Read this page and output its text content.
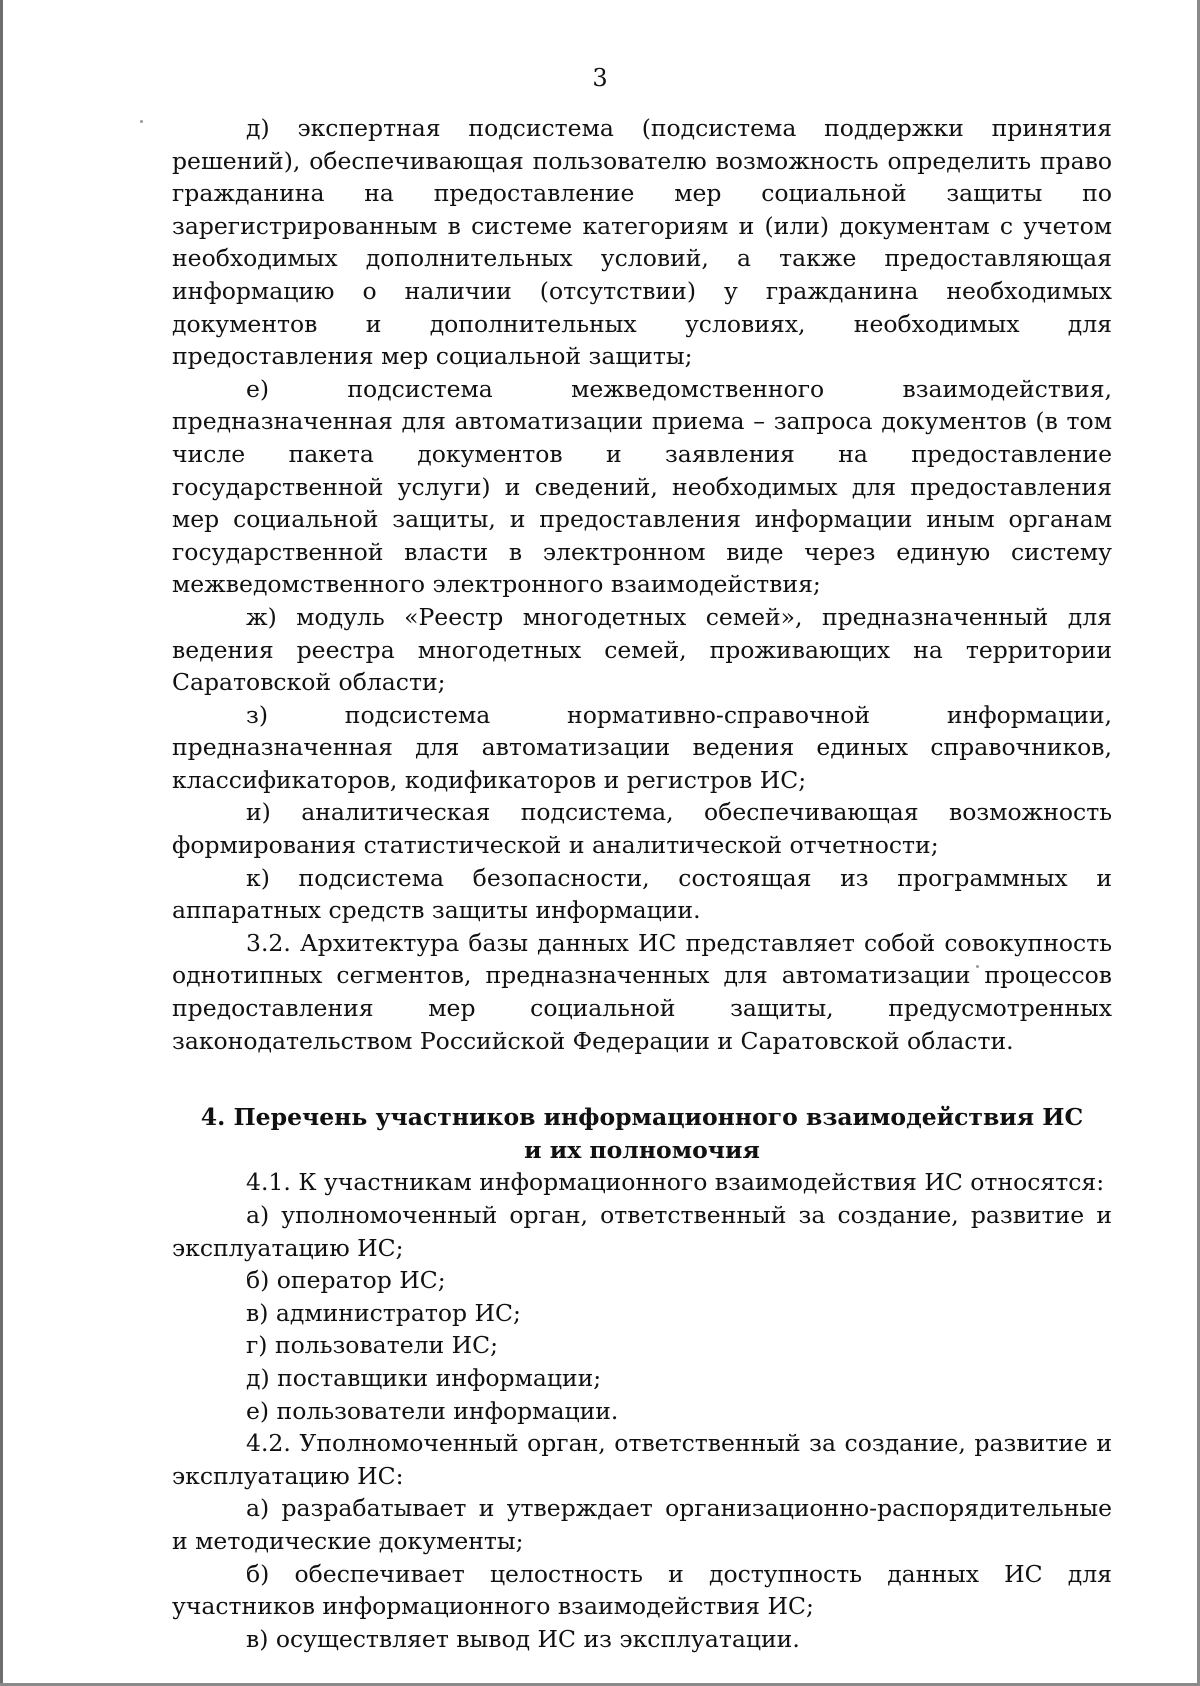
3

д) экспертная подсистема (подсистема поддержки принятия решений), обеспечивающая пользователю возможность определить право гражданина на предоставление мер социальной защиты по зарегистрированным в системе категориям и (или) документам с учетом необходимых дополнительных условий, а также предоставляющая информацию о наличии (отсутствии) у гражданина необходимых документов и дополнительных условиях, необходимых для предоставления мер социальной защиты;

е) подсистема межведомственного взаимодействия, предназначенная для автоматизации приема – запроса документов (в том числе пакета документов и заявления на предоставление государственной услуги) и сведений, необходимых для предоставления мер социальной защиты, и предоставления информации иным органам государственной власти в электронном виде через единую систему межведомственного электронного взаимодействия;

ж) модуль «Реестр многодетных семей», предназначенный для ведения реестра многодетных семей, проживающих на территории Саратовской области;

з) подсистема нормативно-справочной информации, предназначенная для автоматизации ведения единых справочников, классификаторов, кодификаторов и регистров ИС;

и) аналитическая подсистема, обеспечивающая возможность формирования статистической и аналитической отчетности;

к) подсистема безопасности, состоящая из программных и аппаратных средств защиты информации.

3.2. Архитектура базы данных ИС представляет собой совокупность однотипных сегментов, предназначенных для автоматизации процессов предоставления мер социальной защиты, предусмотренных законодательством Российской Федерации и Саратовской области.

4. Перечень участников информационного взаимодействия ИС
и их полномочия

4.1. К участникам информационного взаимодействия ИС относятся:

а) уполномоченный орган, ответственный за создание, развитие и эксплуатацию ИС;

б) оператор ИС;

в) администратор ИС;

г) пользователи ИС;

д) поставщики информации;

е) пользователи информации.

4.2. Уполномоченный орган, ответственный за создание, развитие и эксплуатацию ИС:

а) разрабатывает и утверждает организационно-распорядительные и методические документы;

б) обеспечивает целостность и доступность данных ИС для участников информационного взаимодействия ИС;

в) осуществляет вывод ИС из эксплуатации.
